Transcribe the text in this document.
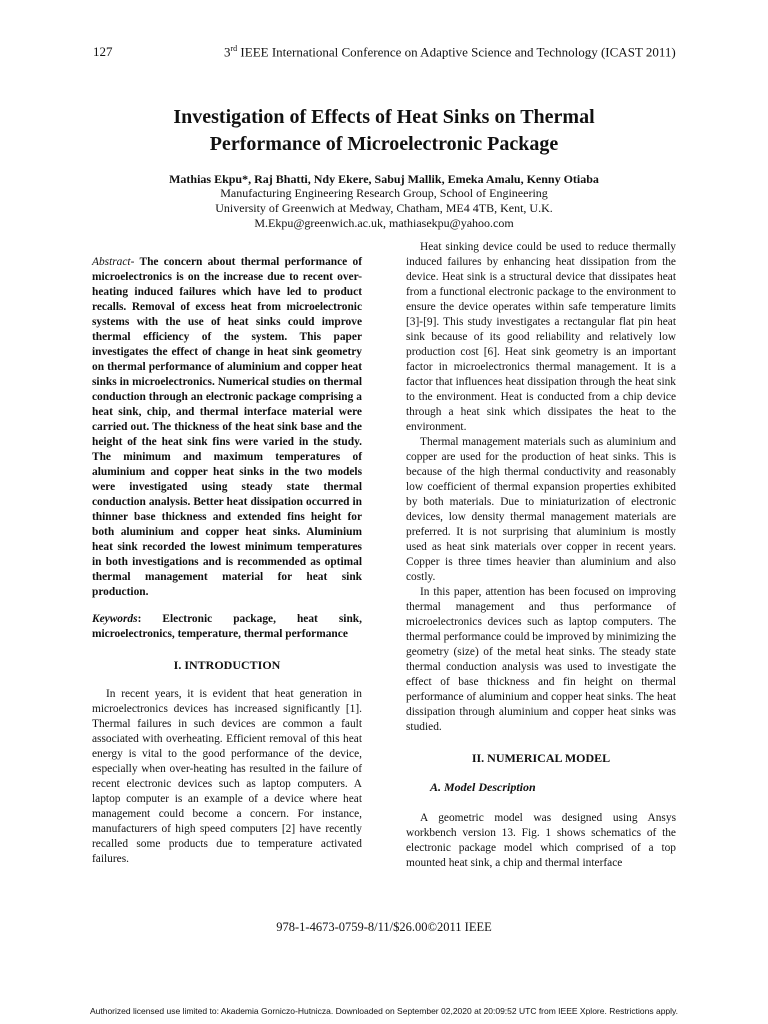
127	3rd IEEE International Conference on Adaptive Science and Technology (ICAST 2011)
Investigation of Effects of Heat Sinks on Thermal
Performance of Microelectronic Package
Mathias Ekpu*, Raj Bhatti, Ndy Ekere, Sabuj Mallik, Emeka Amalu, Kenny Otiaba
Manufacturing Engineering Research Group, School of Engineering
University of Greenwich at Medway, Chatham, ME4 4TB, Kent, U.K.
M.Ekpu@greenwich.ac.uk, mathiasekpu@yahoo.com

Abstract- The concern about thermal performance of microelectronics is on the increase due to recent over-heating induced failures which have led to product recalls. Removal of excess heat from microelectronic systems with the use of heat sinks could improve thermal efficiency of the system. This paper investigates the effect of change in heat sink geometry on thermal performance of aluminium and copper heat sinks in microelectronics. Numerical studies on thermal conduction through an electronic package comprising a heat sink, chip, and thermal interface material were carried out. The thickness of the heat sink base and the height of the heat sink fins were varied in the study. The minimum and maximum temperatures of aluminium and copper heat sinks in the two models were investigated using steady state thermal conduction analysis. Better heat dissipation occurred in thinner base thickness and extended fins height for both aluminium and copper heat sinks. Aluminium heat sink recorded the lowest minimum temperatures in both investigations and is recommended as optimal thermal management material for heat sink production.

Keywords: Electronic package, heat sink, microelectronics, temperature, thermal performance

I. INTRODUCTION

In recent years, it is evident that heat generation in microelectronics devices has increased significantly [1]. Thermal failures in such devices are common a fault associated with overheating. Efficient removal of this heat energy is vital to the good performance of the device, especially when over-heating has resulted in the failure of recent electronic devices such as laptop computers. A laptop computer is an example of a device where heat management could become a concern. For instance, manufacturers of high speed computers [2] have recently recalled some products due to temperature activated failures.

Heat sinking device could be used to reduce thermally induced failures by enhancing heat dissipation from the device. Heat sink is a structural device that dissipates heat from a functional electronic package to the environment to ensure the device operates within safe temperature limits [3]-[9]. This study investigates a rectangular flat pin heat sink because of its good reliability and relatively low production cost [6]. Heat sink geometry is an important factor in microelectronics thermal management. It is a factor that influences heat dissipation through the heat sink to the environment. Heat is conducted from a chip device through a heat sink which dissipates the heat to the environment.

Thermal management materials such as aluminium and copper are used for the production of heat sinks. This is because of the high thermal conductivity and reasonably low coefficient of thermal expansion properties exhibited by both materials. Due to miniaturization of electronic devices, low density thermal management materials are preferred. It is not surprising that aluminium is mostly used as heat sink materials over copper in recent years. Copper is three times heavier than aluminium and also costly.

In this paper, attention has been focused on improving thermal management and thus performance of microelectronics devices such as laptop computers. The thermal performance could be improved by minimizing the geometry (size) of the metal heat sinks. The steady state thermal conduction analysis was used to investigate the effect of base thickness and fin height on thermal performance of aluminium and copper heat sinks. The heat dissipation through aluminium and copper heat sinks was studied.

II. NUMERICAL MODEL
A. Model Description

A geometric model was designed using Ansys workbench version 13. Fig. 1 shows schematics of the electronic package model which comprised of a top mounted heat sink, a chip and thermal interface

978-1-4673-0759-8/11/$26.00©2011 IEEE
Authorized licensed use limited to: Akademia Gorniczo-Hutnicza. Downloaded on September 02,2020 at 20:09:52 UTC from IEEE Xplore. Restrictions apply.
